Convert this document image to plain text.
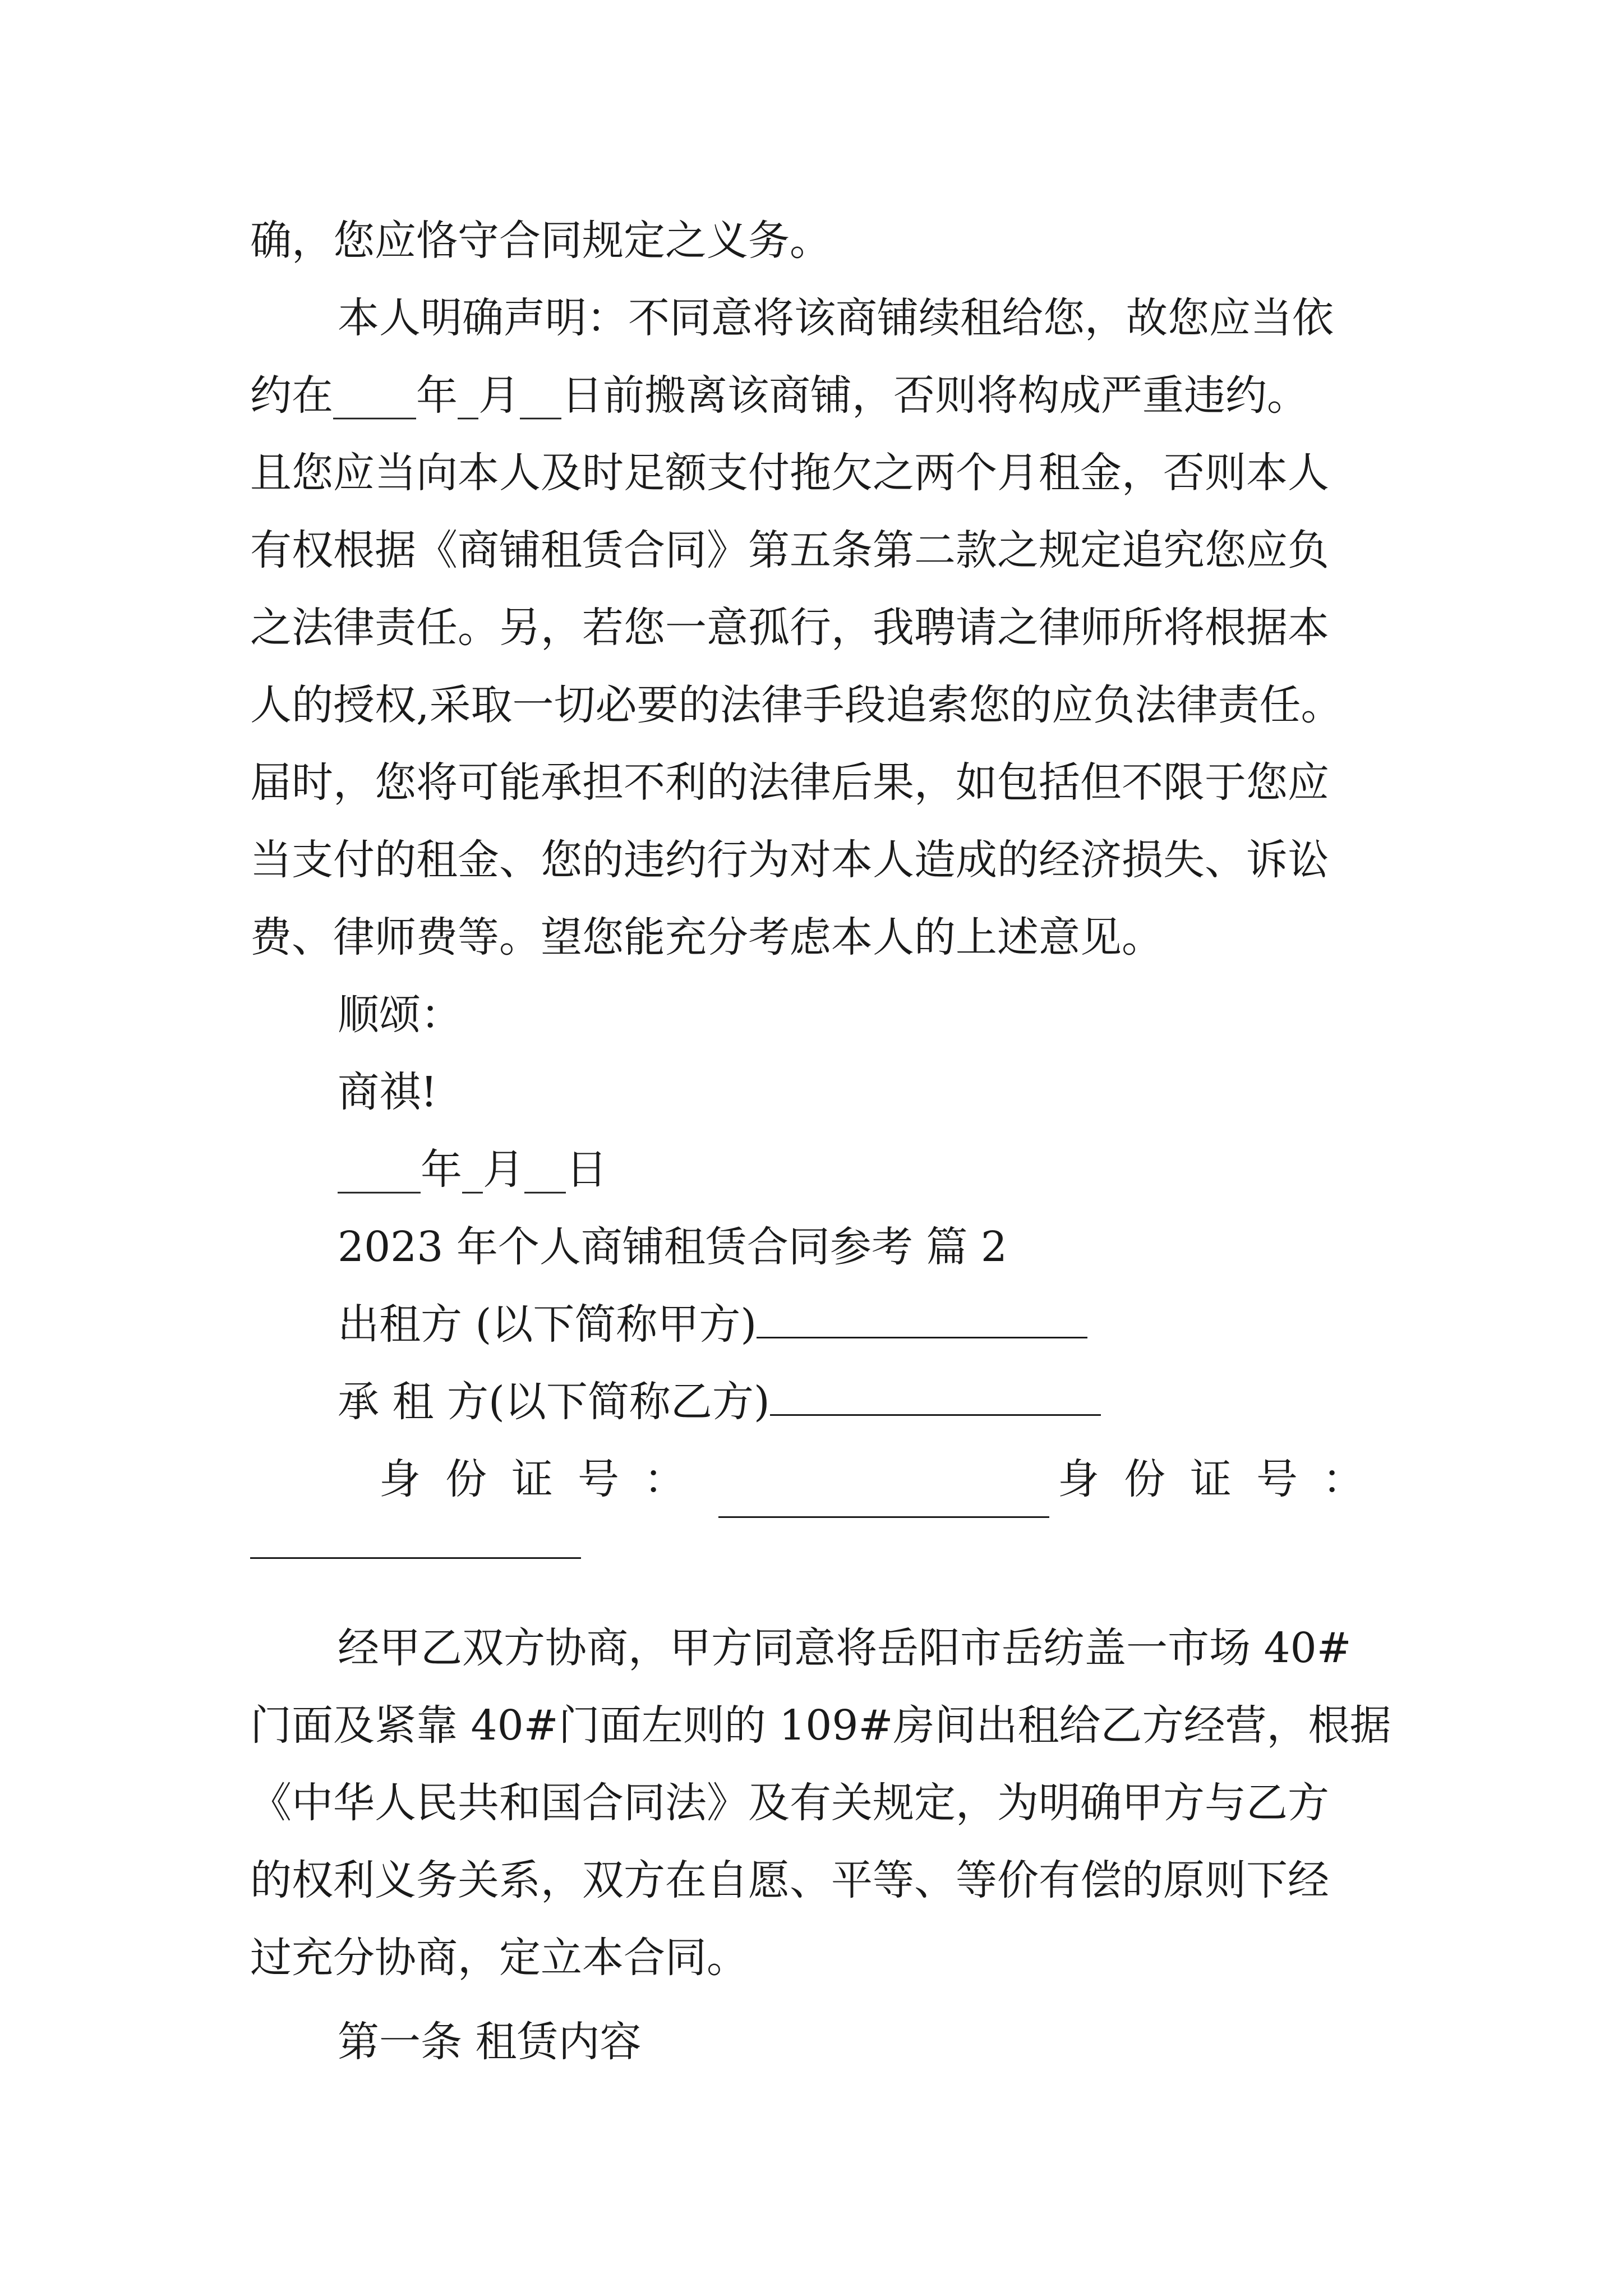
确，您应恪守合同规定之义务。
本人明确声明：不同意将该商铺续租给您，故您应当依
约在____年_月__日前搬离该商铺，否则将构成严重违约。
且您应当向本人及时足额支付拖欠之两个月租金，否则本人
有权根据《商铺租赁合同》第五条第二款之规定追究您应负
之法律责任。另，若您一意孤行，我聘请之律师所将根据本
人的授权,采取一切必要的法律手段追索您的应负法律责任。
届时，您将可能承担不利的法律后果，如包括但不限于您应
当支付的租金、您的违约行为对本人造成的经济损失、诉讼
费、律师费等。望您能充分考虑本人的上述意见。
顺颂：
商祺!
____年_月__日
2023 年个人商铺租赁合同参考 篇 2
出租方 (以下简称甲方)
承 租 方(以下简称乙方)
身份证号：	身份证号：
经甲乙双方协商，甲方同意将岳阳市岳纺盖一市场 40#
门面及紧靠 40#门面左则的 109#房间出租给乙方经营，根据
《中华人民共和国合同法》及有关规定，为明确甲方与乙方
的权利义务关系，双方在自愿、平等、等价有偿的原则下经
过充分协商，定立本合同。
第一条 租赁内容
